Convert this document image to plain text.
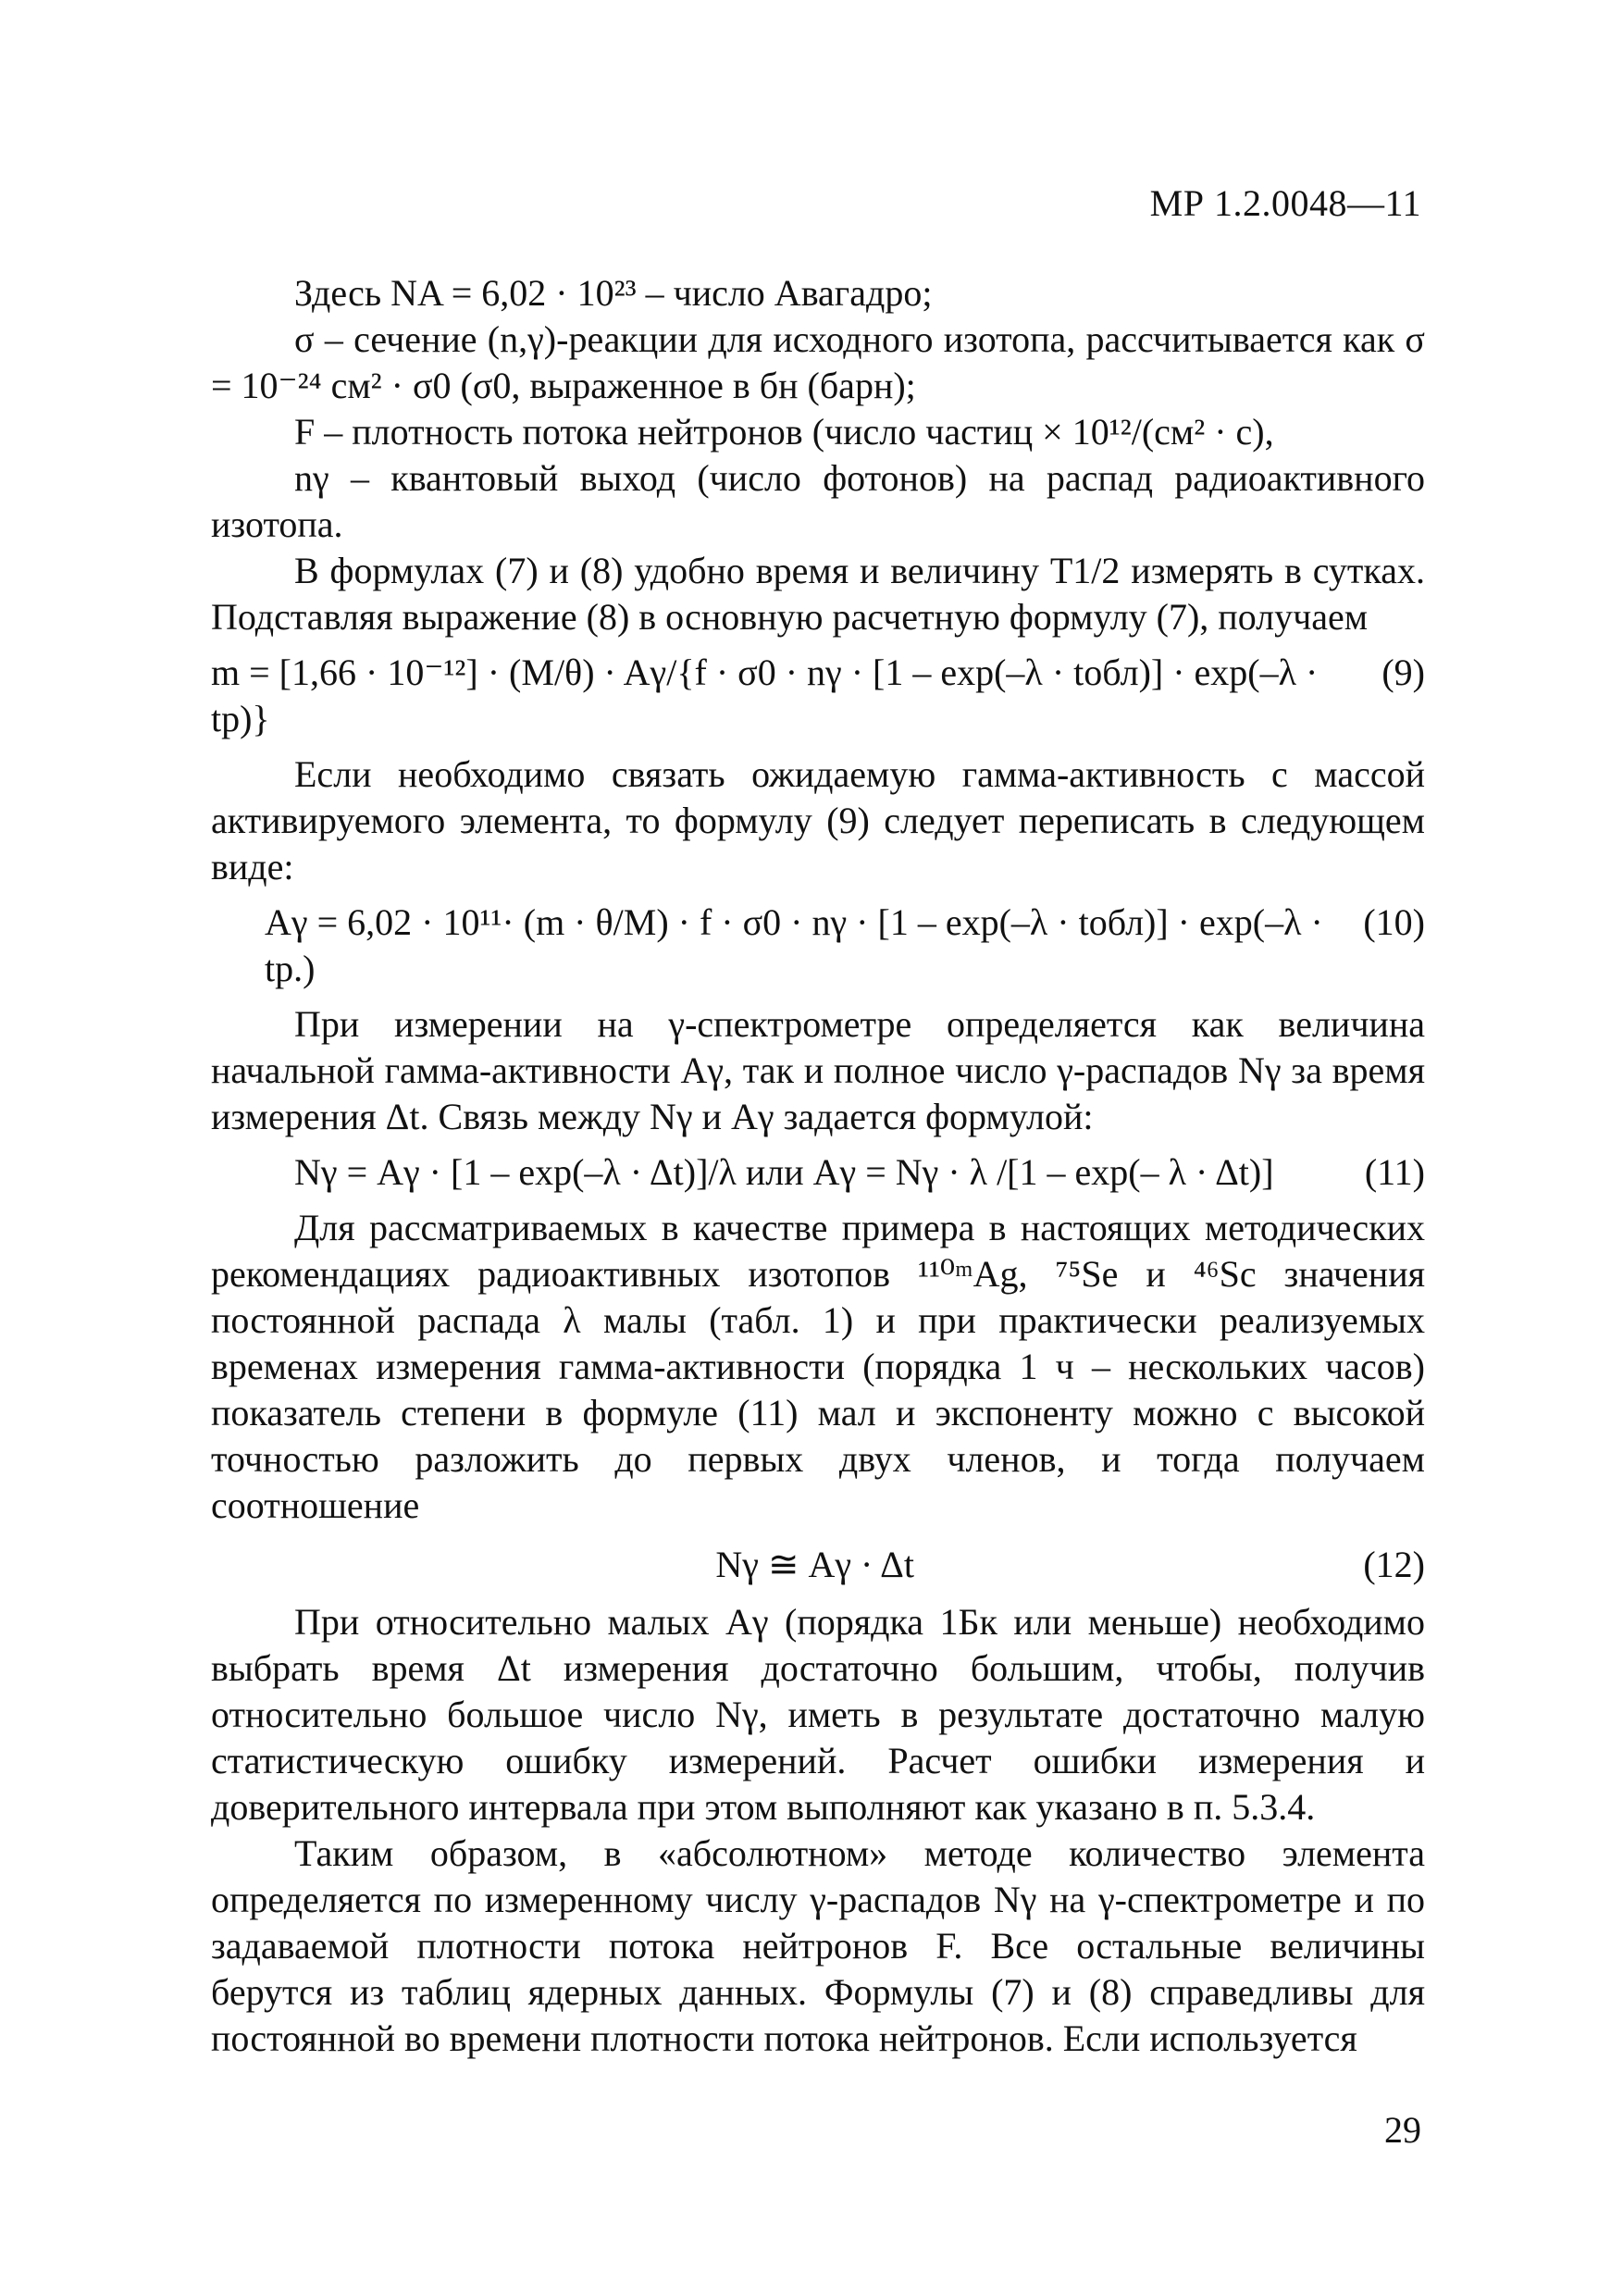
МР 1.2.0048—11

Здесь NA = 6,02 · 10²³ – число Авагадро;

σ – сечение (n,γ)-реакции для исходного изотопа, рассчитывается как σ = 10⁻²⁴ см² · σ0 (σ0, выраженное в бн (барн);

F – плотность потока нейтронов (число частиц × 10¹²/(см² · с),

nγ – квантовый выход (число фотонов) на распад радиоактивного изотопа.

В формулах (7) и (8) удобно время и величину T1/2 измерять в сутках. Подставляя выражение (8) в основную расчетную формулу (7), получаем

m = [1,66 · 10⁻¹²] · (M/θ) · Aγ/{f · σ0 · nγ · [1 – exp(–λ · tобл)] · exp(–λ · tр)}
(9)

Если необходимо связать ожидаемую гамма-активность с массой активируемого элемента, то формулу (9) следует переписать в следующем виде:

Aγ = 6,02 · 10¹¹· (m · θ/M) · f · σ0 · nγ · [1 – exp(–λ · tобл)] · exp(–λ · tр.)
(10)

При измерении на γ-спектрометре определяется как величина начальной гамма-активности Aγ, так и полное число γ-распадов Nγ за время измерения Δt. Связь между Nγ и Aγ задается формулой:

Nγ = Aγ · [1 – exp(–λ · Δt)]/λ или Aγ = Nγ · λ /[1 – exp(– λ · Δt)]	(11)

Для рассматриваемых в качестве примера в настоящих методических рекомендациях радиоактивных изотопов ¹¹⁰ᵐAg, ⁷⁵Se и ⁴⁶Sc значения постоянной распада λ малы (табл. 1) и при практически реализуемых временах измерения гамма-активности (порядка 1 ч – нескольких часов) показатель степени в формуле (11) мал и экспоненту можно с высокой точностью разложить до первых двух членов, и тогда получаем соотношение

Nγ ≅ Aγ · Δt	(12)

При относительно малых Aγ (порядка 1Бк или меньше) необходимо выбрать время Δt измерения достаточно большим, чтобы, получив относительно большое число Nγ, иметь в результате достаточно малую статистическую ошибку измерений. Расчет ошибки измерения и доверительного интервала при этом выполняют как указано в п. 5.3.4.

Таким образом, в «абсолютном» методе количество элемента определяется по измеренному числу γ-распадов Nγ на γ-спектрометре и по задаваемой плотности потока нейтронов F. Все остальные величины берутся из таблиц ядерных данных. Формулы (7) и (8) справедливы для постоянной во времени плотности потока нейтронов. Если используется

29
